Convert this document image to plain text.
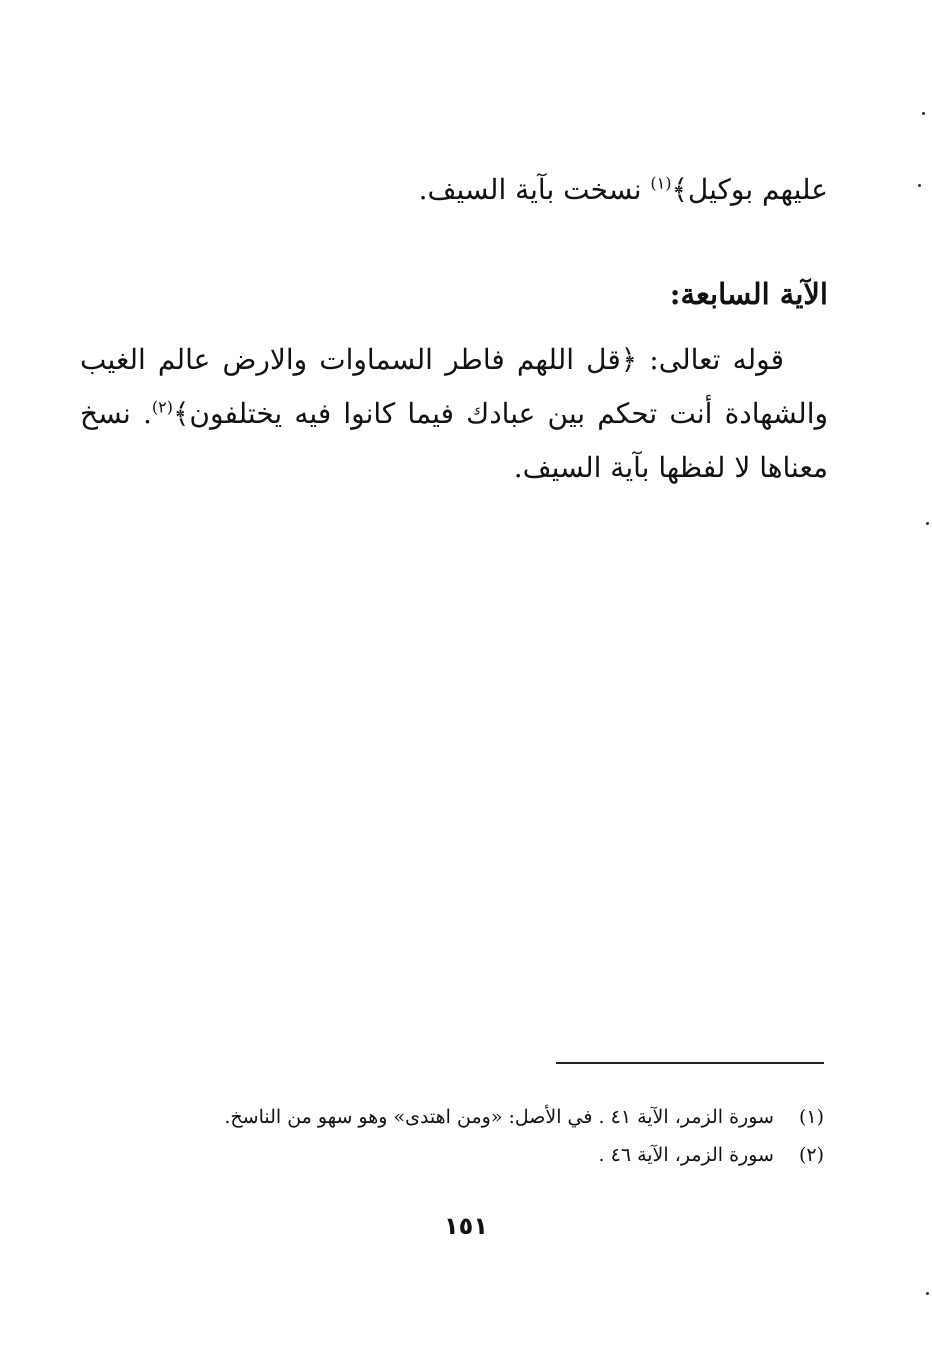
عليهم بوكيل﴾$^{(١)}$ نسخت بآية السيف.
الآية السابعة:
قوله تعالى: ﴿قل اللهم فاطر السماوات والارض عالم الغيب والشهادة أنت تحكم بين عبادك فيما كانوا فيه يختلفون﴾$^{(٢)}$. نسخ معناها لا لفظها بآية السيف.
(١) سورة الزمر، الآية ٤١ . في الأصل: «ومن اهتدى» وهو سهو من الناسخ.
(٢) سورة الزمر، الآية ٤٦ .
١٥١
